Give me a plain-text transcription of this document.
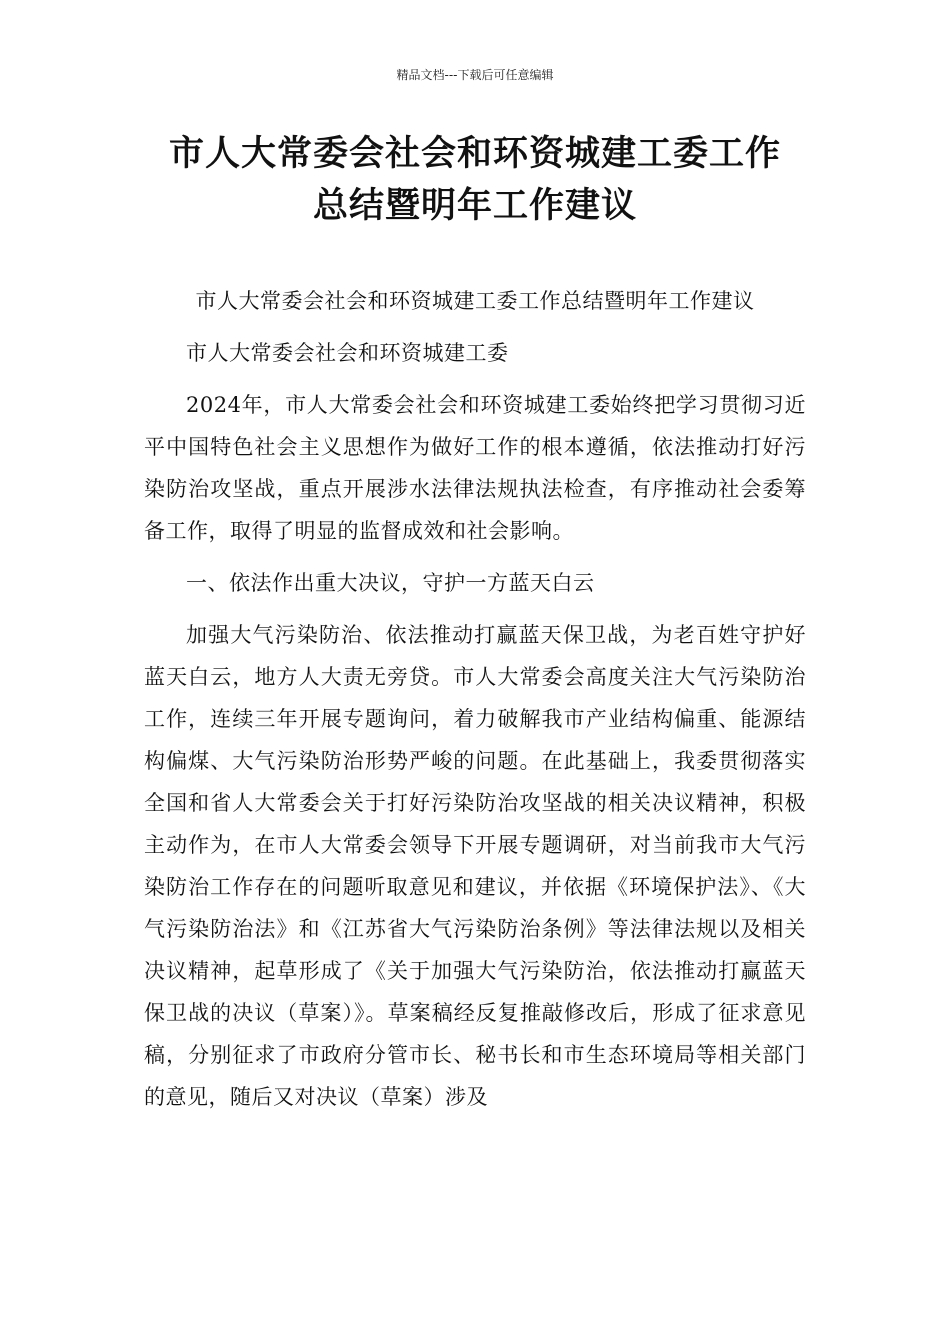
精品文档---下载后可任意编辑
市人大常委会社会和环资城建工委工作
总结暨明年工作建议

市人大常委会社会和环资城建工委工作总结暨明年工作建议

市人大常委会社会和环资城建工委

2024年，市人大常委会社会和环资城建工委始终把学习贯彻习近平中国特色社会主义思想作为做好工作的根本遵循，依法推动打好污染防治攻坚战，重点开展涉水法律法规执法检查，有序推动社会委筹备工作，取得了明显的监督成效和社会影响。

一、依法作出重大决议，守护一方蓝天白云

加强大气污染防治、依法推动打赢蓝天保卫战，为老百姓守护好蓝天白云，地方人大责无旁贷。市人大常委会高度关注大气污染防治工作，连续三年开展专题询问，着力破解我市产业结构偏重、能源结构偏煤、大气污染防治形势严峻的问题。在此基础上，我委贯彻落实全国和省人大常委会关于打好污染防治攻坚战的相关决议精神，积极主动作为，在市人大常委会领导下开展专题调研，对当前我市大气污染防治工作存在的问题听取意见和建议，并依据《环境保护法》、《大气污染防治法》和《江苏省大气污染防治条例》等法律法规以及相关决议精神，起草形成了《关于加强大气污染防治，依法推动打赢蓝天保卫战的决议（草案）》。草案稿经反复推敲修改后，形成了征求意见稿，分别征求了市政府分管市长、秘书长和市生态环境局等相关部门的意见，随后又对决议（草案）涉及
